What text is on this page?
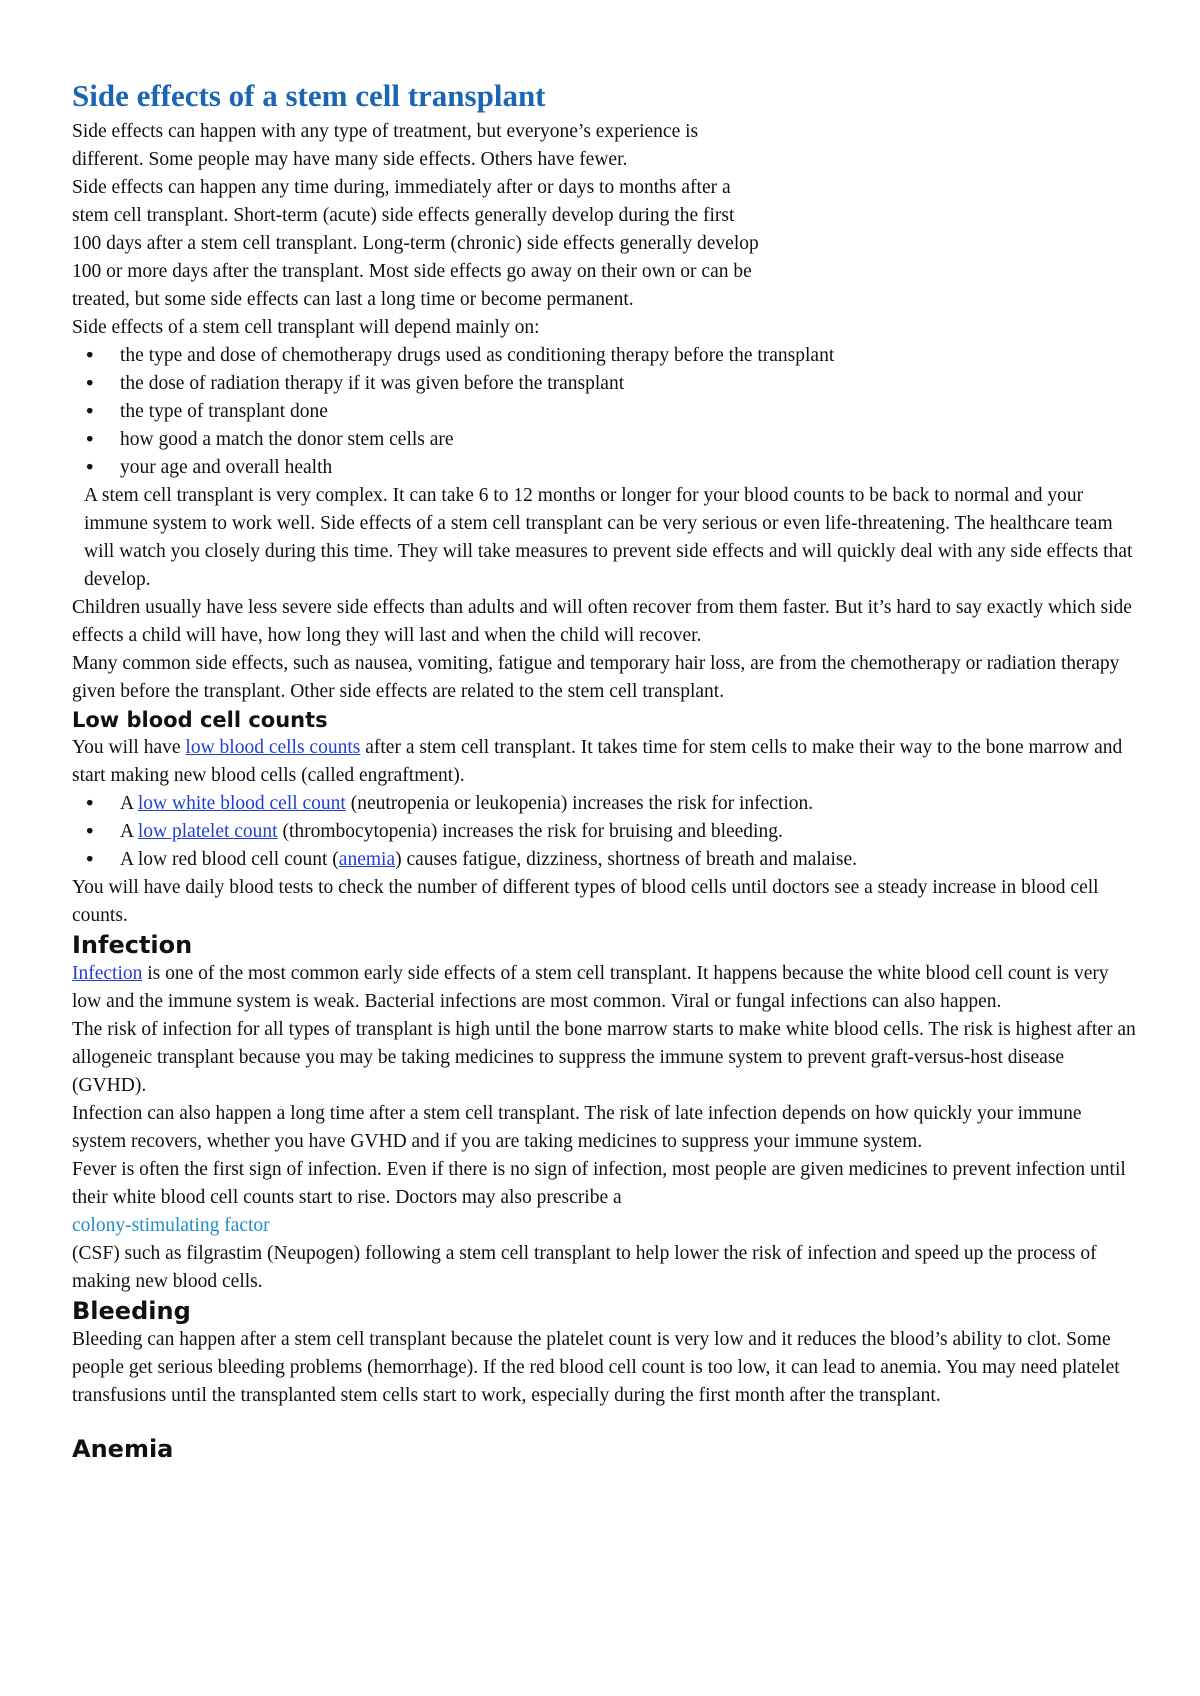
Side effects of a stem cell transplant

Side effects can happen with any type of treatment, but everyone’s experience is
different. Some people may have many side effects. Others have fewer.

Side effects can happen any time during, immediately after or days to months after a
stem cell transplant. Short-term (acute) side effects generally develop during the first
100 days after a stem cell transplant. Long-term (chronic) side effects generally develop
100 or more days after the transplant. Most side effects go away on their own or can be
treated, but some side effects can last a long time or become permanent.

Side effects of a stem cell transplant will depend mainly on:

• the type and dose of chemotherapy drugs used as conditioning therapy before the transplant
• the dose of radiation therapy if it was given before the transplant
• the type of transplant done
• how good a match the donor stem cells are
• your age and overall health

A stem cell transplant is very complex. It can take 6 to 12 months or longer for your blood counts to be back to normal and your immune system to work well. Side effects of a stem cell transplant can be very serious or even life-threatening. The healthcare team will watch you closely during this time. They will take measures to prevent side effects and will quickly deal with any side effects that develop.

Children usually have less severe side effects than adults and will often recover from them faster. But it’s hard to say exactly which side effects a child will have, how long they will last and when the child will recover.

Many common side effects, such as nausea, vomiting, fatigue and temporary hair loss, are from the chemotherapy or radiation therapy given before the transplant. Other side effects are related to the stem cell transplant.

Low blood cell counts

You will have low blood cells counts after a stem cell transplant. It takes time for stem cells to make their way to the bone marrow and start making new blood cells (called engraftment).

• A low white blood cell count (neutropenia or leukopenia) increases the risk for infection.
• A low platelet count (thrombocytopenia) increases the risk for bruising and bleeding.
• A low red blood cell count (anemia) causes fatigue, dizziness, shortness of breath and malaise.

You will have daily blood tests to check the number of different types of blood cells until doctors see a steady increase in blood cell counts.

Infection

Infection is one of the most common early side effects of a stem cell transplant. It happens because the white blood cell count is very low and the immune system is weak. Bacterial infections are most common. Viral or fungal infections can also happen.

The risk of infection for all types of transplant is high until the bone marrow starts to make white blood cells. The risk is highest after an allogeneic transplant because you may be taking medicines to suppress the immune system to prevent graft-versus-host disease (GVHD).

Infection can also happen a long time after a stem cell transplant. The risk of late infection depends on how quickly your immune system recovers, whether you have GVHD and if you are taking medicines to suppress your immune system.

Fever is often the first sign of infection. Even if there is no sign of infection, most people are given medicines to prevent infection until their white blood cell counts start to rise. Doctors may also prescribe a

colony-stimulating factor

(CSF) such as filgrastim (Neupogen) following a stem cell transplant to help lower the risk of infection and speed up the process of making new blood cells.

Bleeding

Bleeding can happen after a stem cell transplant because the platelet count is very low and it reduces the blood’s ability to clot. Some people get serious bleeding problems (hemorrhage). If the red blood cell count is too low, it can lead to anemia. You may need platelet transfusions until the transplanted stem cells start to work, especially during the first month after the transplant.

Anemia
